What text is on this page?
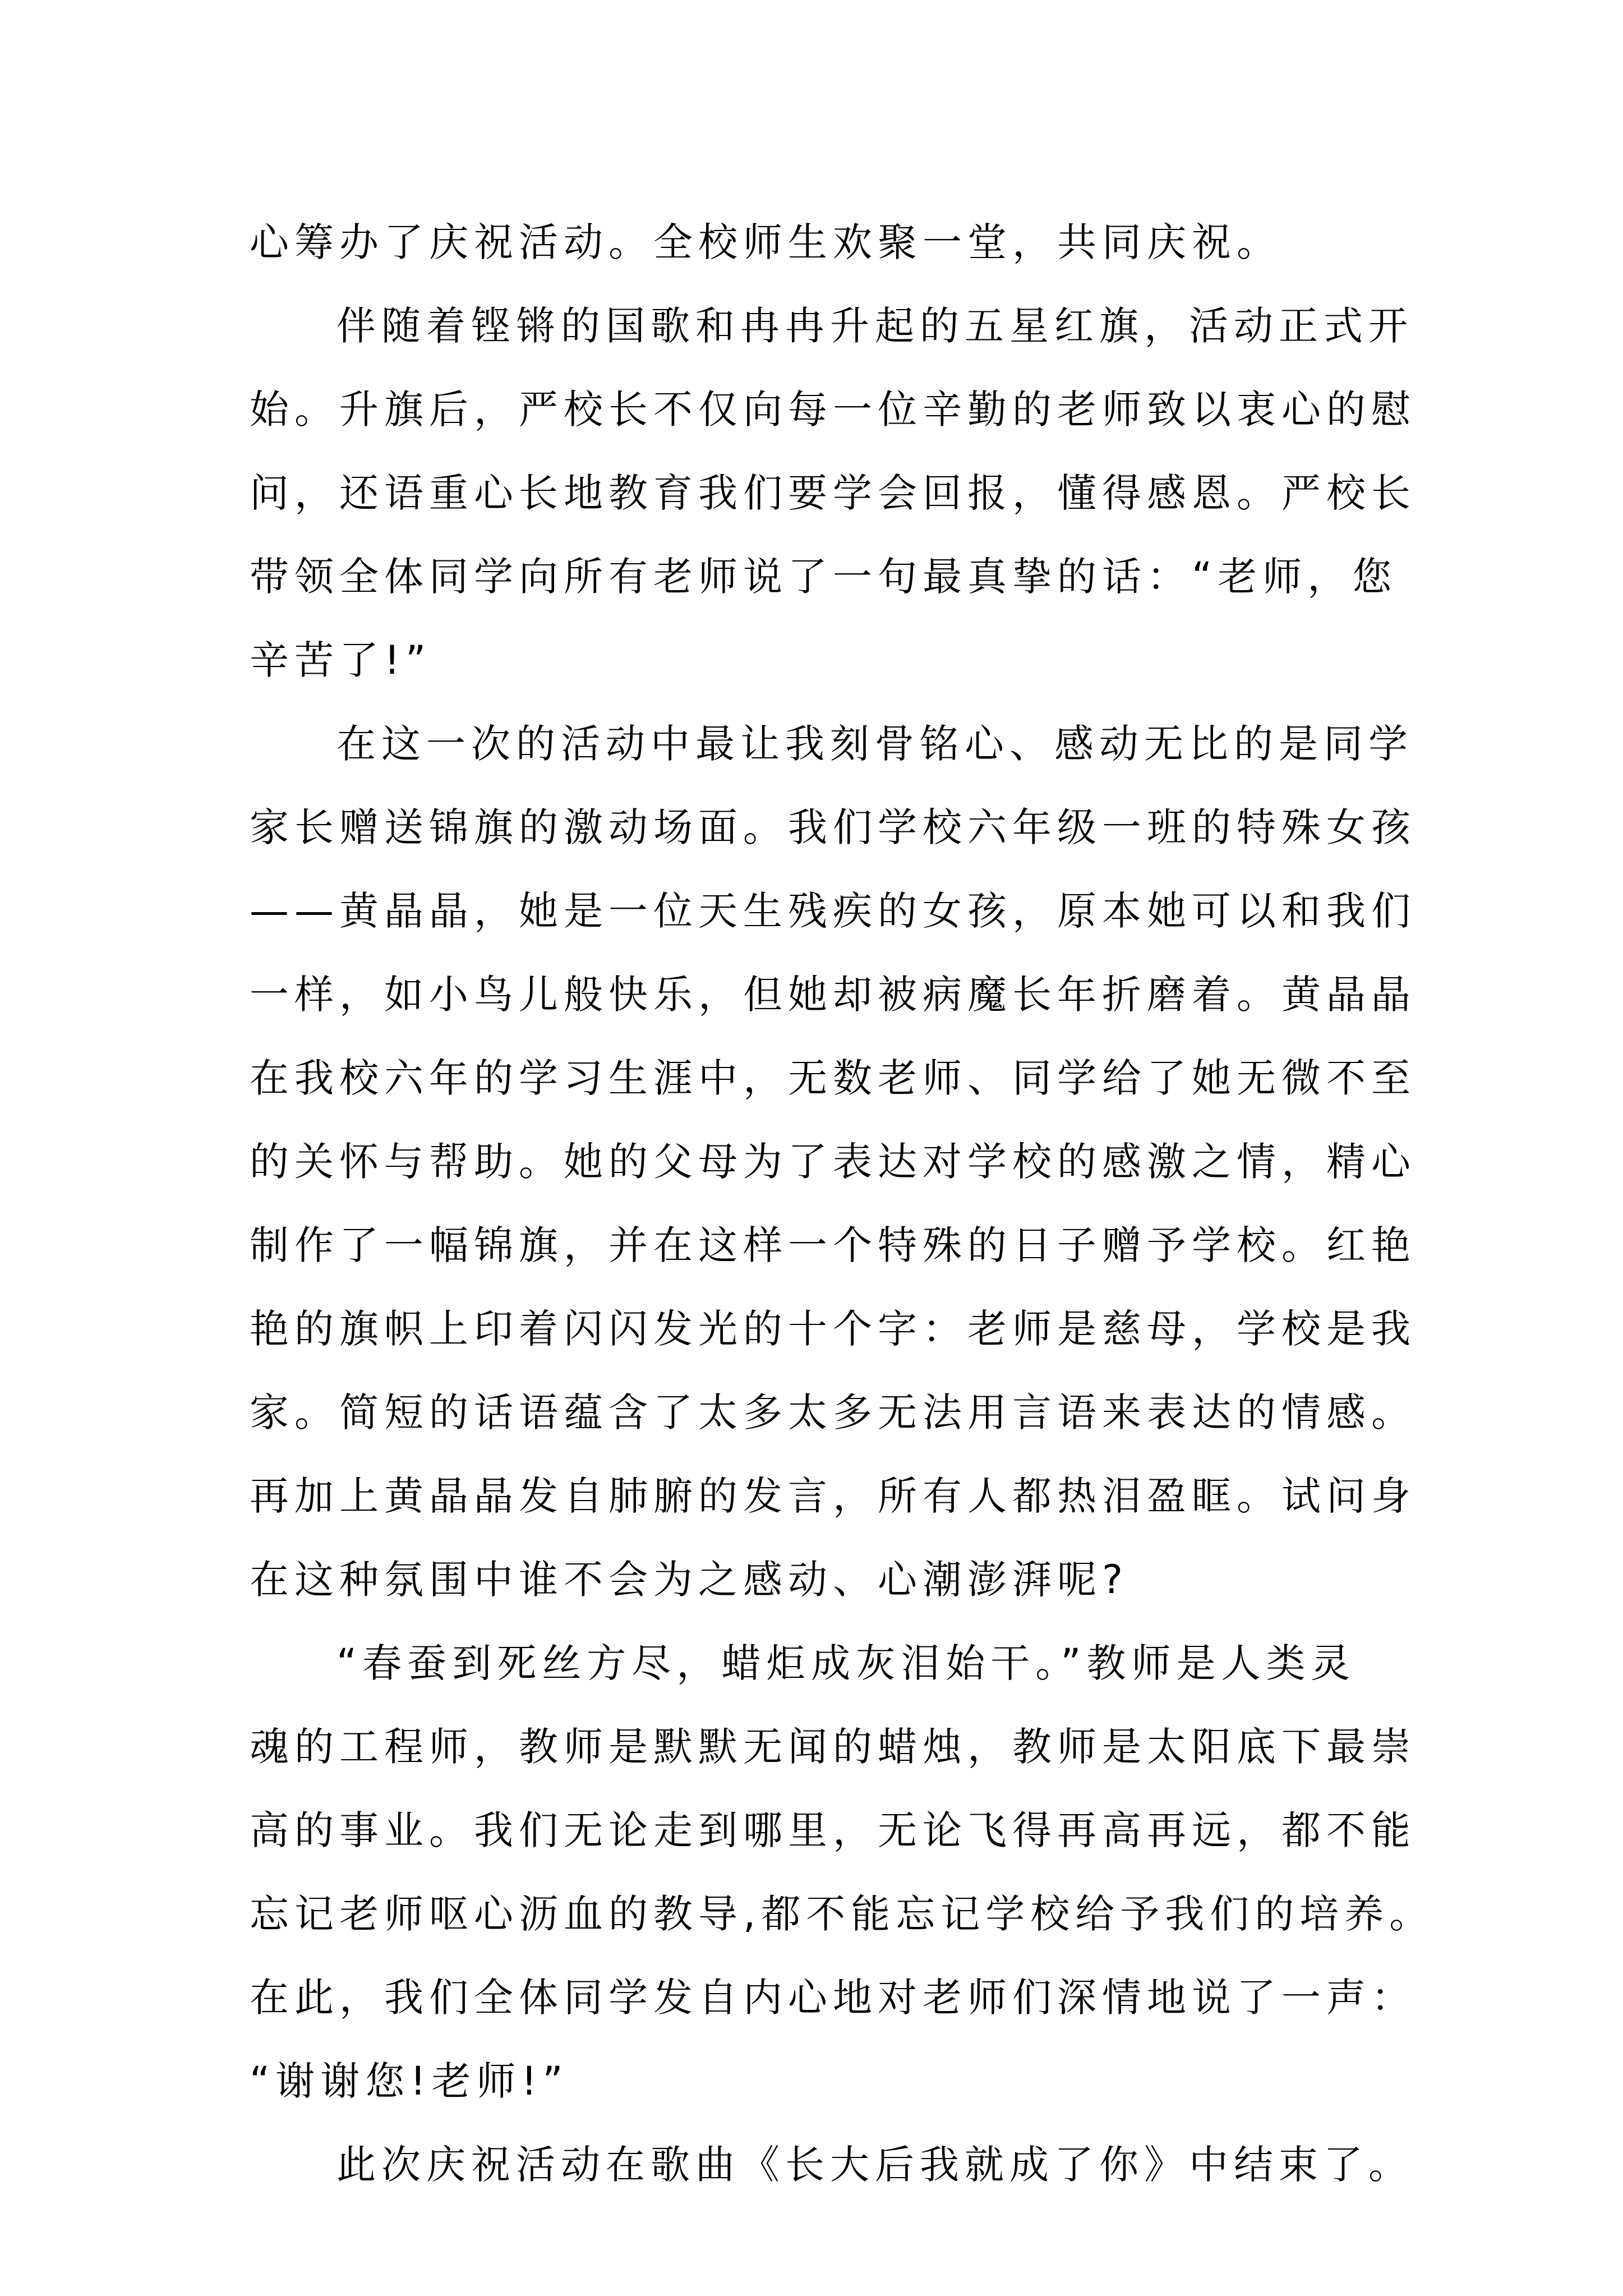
心筹办了庆祝活动。全校师生欢聚一堂，共同庆祝。
伴随着铿锵的国歌和冉冉升起的五星红旗，活动正式开
始。升旗后，严校长不仅向每一位辛勤的老师致以衷心的慰
问，还语重心长地教育我们要学会回报，懂得感恩。严校长
带领全体同学向所有老师说了一句最真挚的话：“老师，您
辛苦了!”
在这一次的活动中最让我刻骨铭心、感动无比的是同学
家长赠送锦旗的激动场面。我们学校六年级一班的特殊女孩
——黄晶晶，她是一位天生残疾的女孩，原本她可以和我们
一样，如小鸟儿般快乐，但她却被病魔长年折磨着。黄晶晶
在我校六年的学习生涯中，无数老师、同学给了她无微不至
的关怀与帮助。她的父母为了表达对学校的感激之情，精心
制作了一幅锦旗，并在这样一个特殊的日子赠予学校。红艳
艳的旗帜上印着闪闪发光的十个字：老师是慈母，学校是我
家。简短的话语蕴含了太多太多无法用言语来表达的情感。
再加上黄晶晶发自肺腑的发言，所有人都热泪盈眶。试问身
在这种氛围中谁不会为之感动、心潮澎湃呢?
“春蚕到死丝方尽，蜡炬成灰泪始干。”教师是人类灵
魂的工程师，教师是默默无闻的蜡烛，教师是太阳底下最崇
高的事业。我们无论走到哪里，无论飞得再高再远，都不能
忘记老师呕心沥血的教导,都不能忘记学校给予我们的培养。
在此，我们全体同学发自内心地对老师们深情地说了一声：
“谢谢您!老师!”
此次庆祝活动在歌曲《长大后我就成了你》中结束了。
